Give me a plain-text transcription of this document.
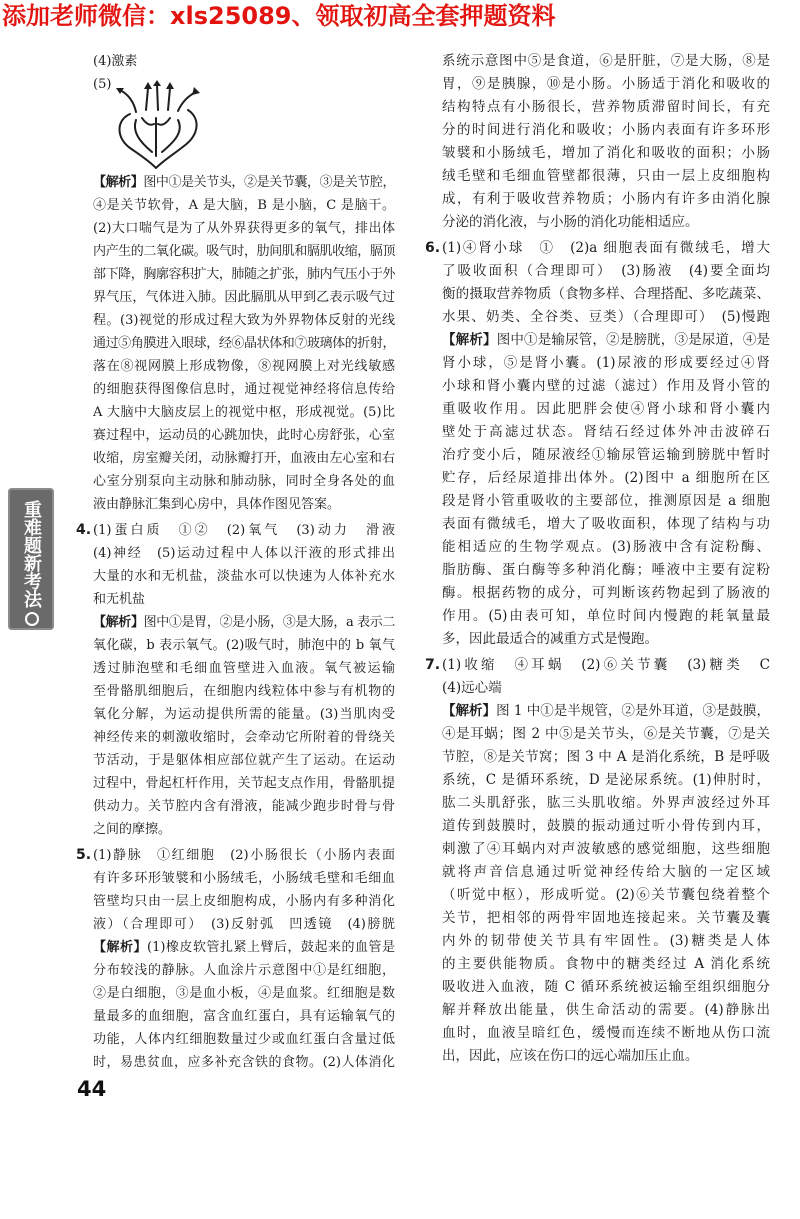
添加老师微信：xls25089、领取初高全套押题资料
重难题新考法
(4)激素
(5)
【解析】图中①是关节头，②是关节囊，③是关节腔，
④是关节软骨，A 是大脑，B 是小脑，C 是脑干。
(2)大口喘气是为了从外界获得更多的氧气，排出体
内产生的二氧化碳。吸气时，肋间肌和膈肌收缩，膈顶
部下降，胸廓容积扩大，肺随之扩张，肺内气压小于外
界气压，气体进入肺。因此膈肌从甲到乙表示吸气过
程。(3)视觉的形成过程大致为外界物体反射的光线
通过⑤角膜进入眼球，经⑥晶状体和⑦玻璃体的折射，
落在⑧视网膜上形成物像，⑧视网膜上对光线敏感
的细胞获得图像信息时，通过视觉神经将信息传给
A 大脑中大脑皮层上的视觉中枢，形成视觉。(5)比
赛过程中，运动员的心跳加快，此时心房舒张，心室
收缩，房室瓣关闭，动脉瓣打开，血液由左心室和右
心室分别泵向主动脉和肺动脉，同时全身各处的血
液由静脉汇集到心房中，具体作图见答案。
4. (1)蛋白质　①②　(2)氧气　(3)动力　滑液
(4)神经　(5)运动过程中人体以汗液的形式排出
大量的水和无机盐，淡盐水可以快速为人体补充水
和无机盐
【解析】图中①是胃，②是小肠，③是大肠，a 表示二
氧化碳，b 表示氧气。(2)吸气时，肺泡中的 b 氧气
透过肺泡壁和毛细血管壁进入血液。氧气被运输
至骨骼肌细胞后，在细胞内线粒体中参与有机物的
氧化分解，为运动提供所需的能量。(3)当肌肉受
神经传来的刺激收缩时，会牵动它所附着的骨绕关
节活动，于是躯体相应部位就产生了运动。在运动
过程中，骨起杠杆作用，关节起支点作用，骨骼肌提
供动力。关节腔内含有滑液，能减少跑步时骨与骨
之间的摩擦。
5. (1)静脉　①红细胞　(2)小肠很长（小肠内表面
有许多环形皱襞和小肠绒毛，小肠绒毛壁和毛细血
管壁均只由一层上皮细胞构成，小肠内有多种消化
液）（合理即可）　(3)反射弧　凹透镜　(4)膀胱
【解析】(1)橡皮软管扎紧上臂后，鼓起来的血管是
分布较浅的静脉。人血涂片示意图中①是红细胞，
②是白细胞，③是血小板，④是血浆。红细胞是数
量最多的血细胞，富含血红蛋白，具有运输氧气的
功能，人体内红细胞数量过少或血红蛋白含量过低
时，易患贫血，应多补充含铁的食物。(2)人体消化
系统示意图中⑤是食道，⑥是肝脏，⑦是大肠，⑧是
胃，⑨是胰腺，⑩是小肠。小肠适于消化和吸收的
结构特点有小肠很长，营养物质滞留时间长，有充
分的时间进行消化和吸收；小肠内表面有许多环形
皱襞和小肠绒毛，增加了消化和吸收的面积；小肠
绒毛壁和毛细血管壁都很薄，只由一层上皮细胞构
成，有利于吸收营养物质；小肠内有许多由消化腺
分泌的消化液，与小肠的消化功能相适应。
6. (1)④肾小球　①　(2)a 细胞表面有微绒毛，增大
了吸收面积（合理即可）　(3)肠液　(4)要全面均
衡的摄取营养物质（食物多样、合理搭配、多吃蔬菜、
水果、奶类、全谷类、豆类）（合理即可）　(5)慢跑
【解析】图中①是输尿管，②是膀胱，③是尿道，④是
肾小球，⑤是肾小囊。(1)尿液的形成要经过④肾
小球和肾小囊内壁的过滤（滤过）作用及肾小管的
重吸收作用。因此肥胖会使④肾小球和肾小囊内
壁处于高滤过状态。肾结石经过体外冲击波碎石
治疗变小后，随尿液经①输尿管运输到膀胱中暂时
贮存，后经尿道排出体外。(2)图中 a 细胞所在区
段是肾小管重吸收的主要部位，推测原因是 a 细胞
表面有微绒毛，增大了吸收面积，体现了结构与功
能相适应的生物学观点。(3)肠液中含有淀粉酶、
脂肪酶、蛋白酶等多种消化酶；唾液中主要有淀粉
酶。根据药物的成分，可判断该药物起到了肠液的
作用。(5)由表可知，单位时间内慢跑的耗氧量最
多，因此最适合的减重方式是慢跑。
7. (1)收缩　④耳蜗　(2)⑥关节囊　(3)糖类　C
(4)远心端
【解析】图 1 中①是半规管，②是外耳道，③是鼓膜，
④是耳蜗；图 2 中⑤是关节头，⑥是关节囊，⑦是关
节腔，⑧是关节窝；图 3 中 A 是消化系统，B 是呼吸
系统，C 是循环系统，D 是泌尿系统。(1)伸肘时，
肱二头肌舒张，肱三头肌收缩。外界声波经过外耳
道传到鼓膜时，鼓膜的振动通过听小骨传到内耳，
刺激了④耳蜗内对声波敏感的感觉细胞，这些细胞
就将声音信息通过听觉神经传给大脑的一定区域
（听觉中枢），形成听觉。(2)⑥关节囊包绕着整个
关节，把相邻的两骨牢固地连接起来。关节囊及囊
内外的韧带使关节具有牢固性。(3)糖类是人体
的主要供能物质。食物中的糖类经过 A 消化系统
吸收进入血液，随 C 循环系统被运输至组织细胞分
解并释放出能量，供生命活动的需要。(4)静脉出
血时，血液呈暗红色，缓慢而连续不断地从伤口流
出，因此，应该在伤口的远心端加压止血。
44
